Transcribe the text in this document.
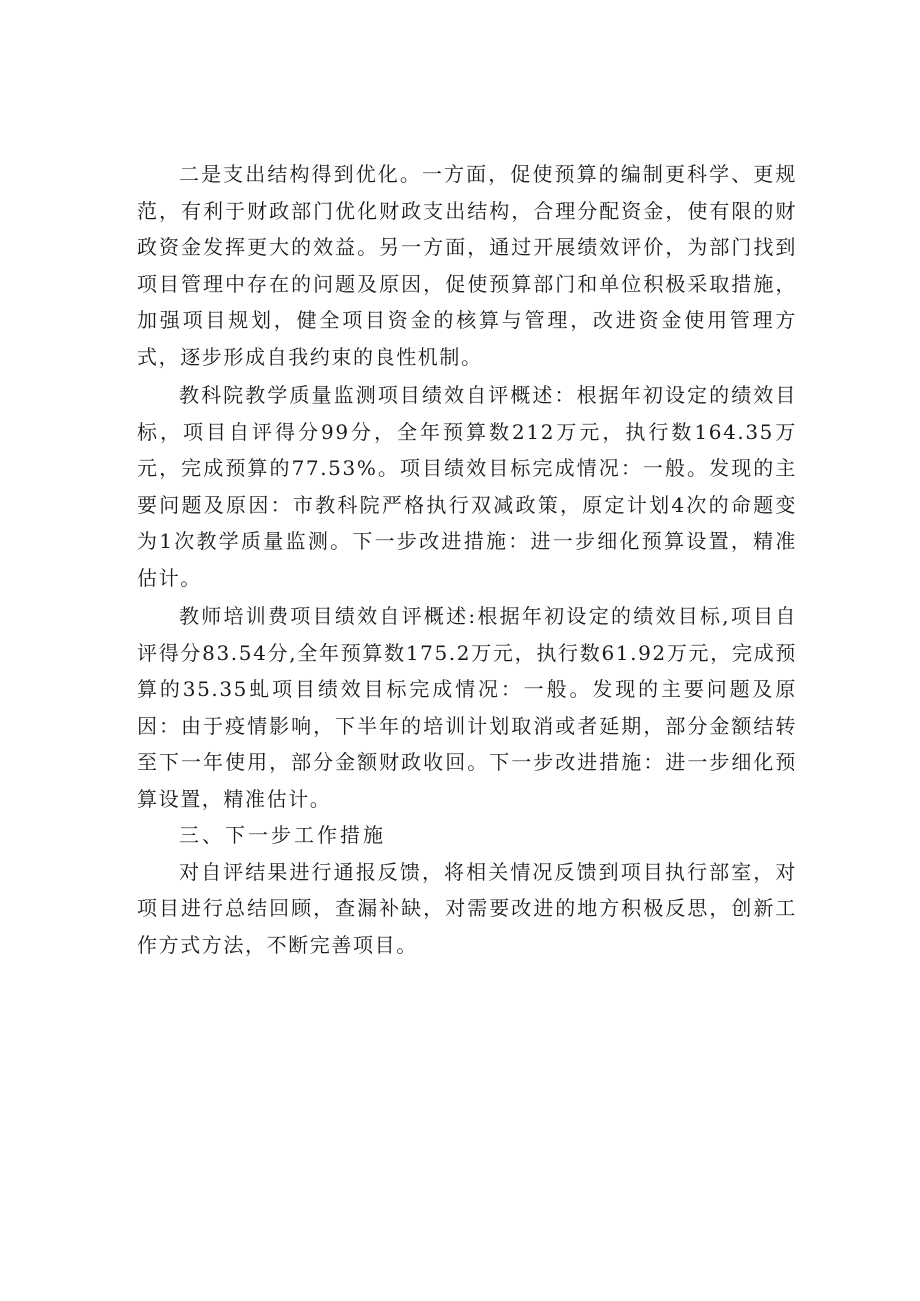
二是支出结构得到优化。一方面，促使预算的编制更科学、更规范，有利于财政部门优化财政支出结构，合理分配资金，使有限的财政资金发挥更大的效益。另一方面，通过开展绩效评价，为部门找到项目管理中存在的问题及原因，促使预算部门和单位积极采取措施，加强项目规划，健全项目资金的核算与管理，改进资金使用管理方式，逐步形成自我约束的良性机制。

教科院教学质量监测项目绩效自评概述：根据年初设定的绩效目标，项目自评得分99分，全年预算数212万元，执行数164.35万元，完成预算的77.53%。项目绩效目标完成情况：一般。发现的主要问题及原因：市教科院严格执行双减政策，原定计划4次的命题变为1次教学质量监测。下一步改进措施：进一步细化预算设置，精准估计。

教师培训费项目绩效自评概述:根据年初设定的绩效目标,项目自评得分83.54分,全年预算数175.2万元，执行数61.92万元，完成预算的35.35虬项目绩效目标完成情况：一般。发现的主要问题及原因：由于疫情影响，下半年的培训计划取消或者延期，部分金额结转至下一年使用，部分金额财政收回。下一步改进措施：进一步细化预算设置，精准估计。

三、下一步工作措施

对自评结果进行通报反馈，将相关情况反馈到项目执行部室，对项目进行总结回顾，查漏补缺，对需要改进的地方积极反思，创新工作方式方法，不断完善项目。
